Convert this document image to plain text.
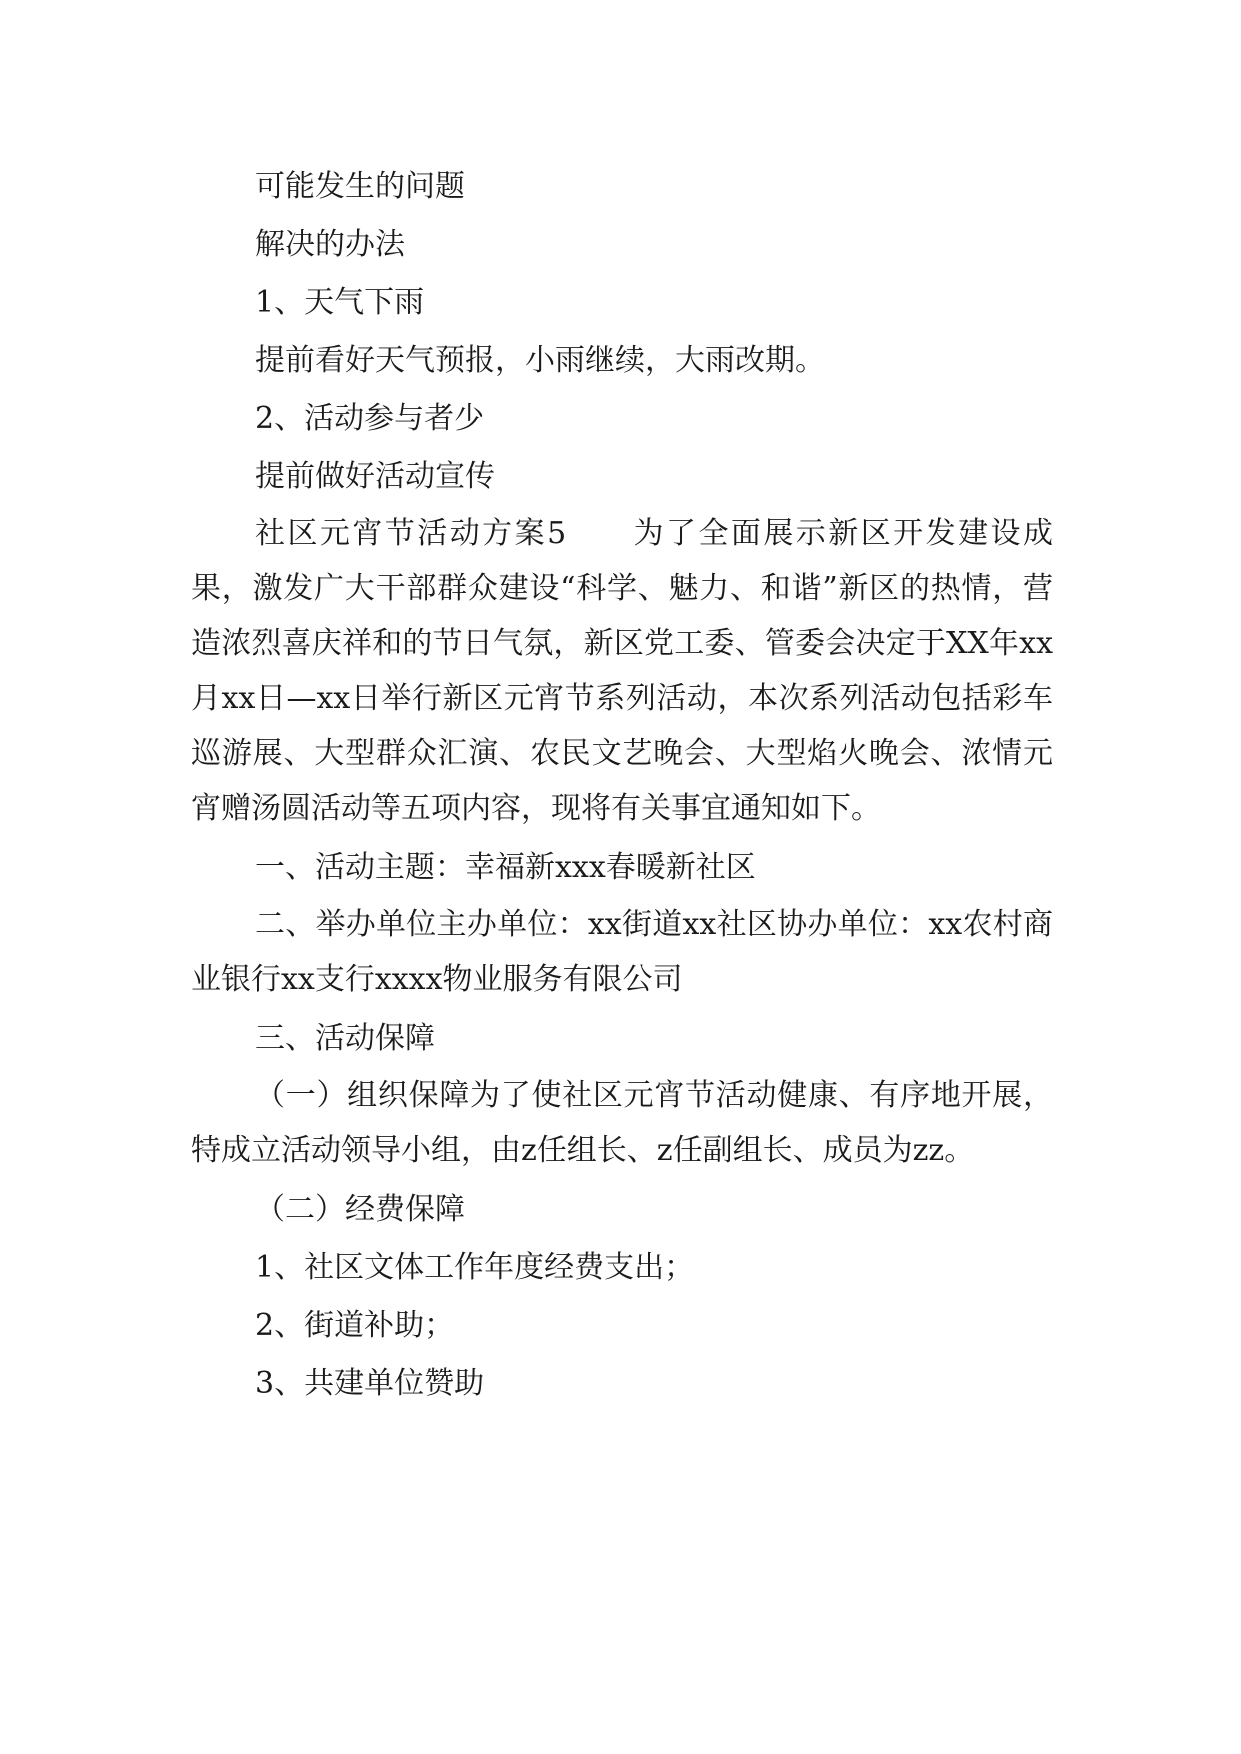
可能发生的问题

解决的办法

1、天气下雨

提前看好天气预报，小雨继续，大雨改期。

2、活动参与者少

提前做好活动宣传

社区元宵节活动方案5　　为了全面展示新区开发建设成果，激发广大干部群众建设“科学、魅力、和谐”新区的热情，营造浓烈喜庆祥和的节日气氛，新区党工委、管委会决定于XX年xx月xx日—xx日举行新区元宵节系列活动，本次系列活动包括彩车巡游展、大型群众汇演、农民文艺晚会、大型焰火晚会、浓情元宵赠汤圆活动等五项内容，现将有关事宜通知如下。

一、活动主题：幸福新xxx春暖新社区

二、举办单位主办单位：xx街道xx社区协办单位：xx农村商业银行xx支行xxxx物业服务有限公司

三、活动保障

（一）组织保障为了使社区元宵节活动健康、有序地开展，特成立活动领导小组，由z任组长、z任副组长、成员为zz。

（二）经费保障

1、社区文体工作年度经费支出；

2、街道补助；

3、共建单位赞助
